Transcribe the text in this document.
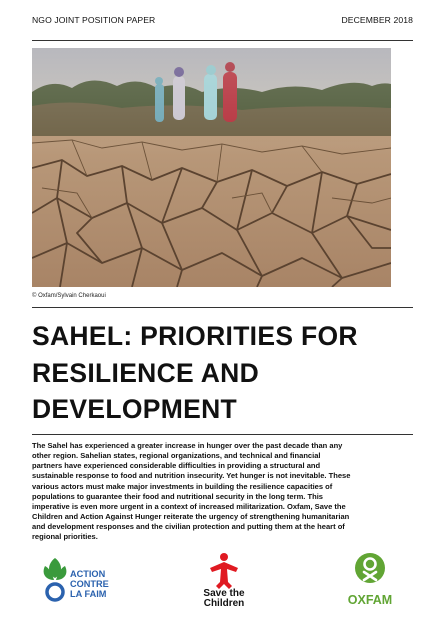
NGO JOINT POSITION PAPER	DECEMBER 2018
© Oxfam/Sylvain Cherkaoui
SAHEL: PRIORITIES FOR
RESILIENCE AND
DEVELOPMENT
The Sahel has experienced a greater increase in hunger over the past decade than any
other region. Sahelian states, regional organizations, and technical and financial
partners have experienced considerable difficulties in providing a structural and
sustainable response to food and nutrition insecurity. Yet hunger is not inevitable. These
various actors must make major investments in building the resilience capacities of
populations to guarantee their food and nutritional security in the long term. This
imperative is even more urgent in a context of increased militarization. Oxfam, Save the
Children and Action Against Hunger reiterate the urgency of strengthening humanitarian
and development responses and the civilian protection and putting them at the heart of
regional priorities.
ACTION
CONTRE
LA FAIM	Save the
Children	OXFAM
